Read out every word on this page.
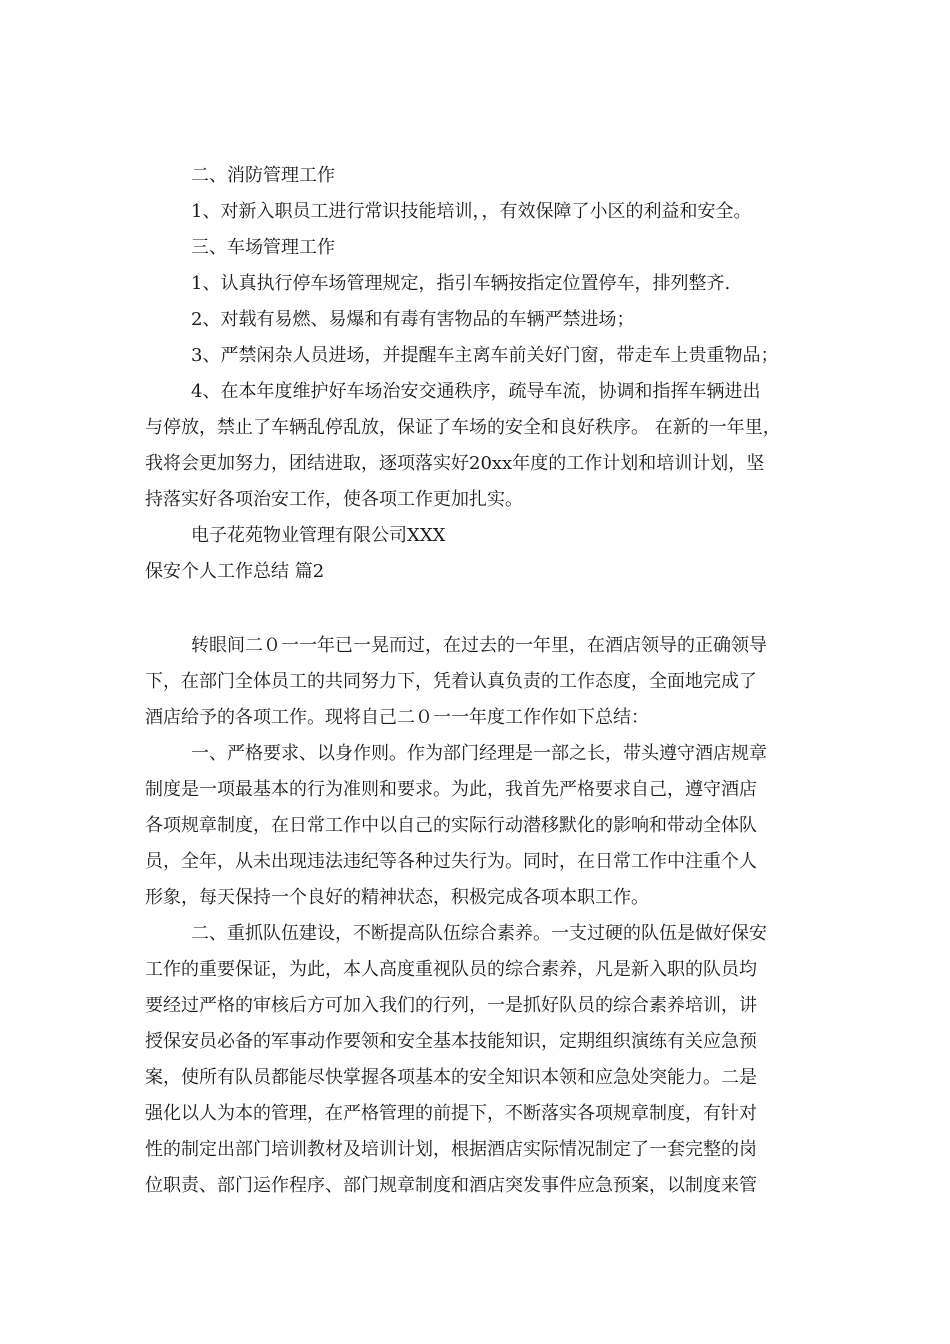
二、消防管理工作
1、对新入职员工进行常识技能培训，，有效保障了小区的利益和安全。
三、车场管理工作
1、认真执行停车场管理规定，指引车辆按指定位置停车，排列整齐.
2、对载有易燃、易爆和有毒有害物品的车辆严禁进场；
3、严禁闲杂人员进场，并提醒车主离车前关好门窗，带走车上贵重物品；
4、在本年度维护好车场治安交通秩序，疏导车流，协调和指挥车辆进出
与停放，禁止了车辆乱停乱放，保证了车场的安全和良好秩序。 在新的一年里，
我将会更加努力，团结进取，逐项落实好20xx年度的工作计划和培训计划，坚
持落实好各项治安工作，使各项工作更加扎实。
电子花苑物业管理有限公司XXX
保安个人工作总结 篇2
转眼间二０一一年已一晃而过，在过去的一年里，在酒店领导的正确领导
下，在部门全体员工的共同努力下，凭着认真负责的工作态度，全面地完成了
酒店给予的各项工作。现将自己二０一一年度工作作如下总结：
一、严格要求、以身作则。作为部门经理是一部之长，带头遵守酒店规章
制度是一项最基本的行为准则和要求。为此，我首先严格要求自己，遵守酒店
各项规章制度，在日常工作中以自己的实际行动潜移默化的影响和带动全体队
员，全年，从未出现违法违纪等各种过失行为。同时，在日常工作中注重个人
形象，每天保持一个良好的精神状态，积极完成各项本职工作。
二、重抓队伍建设，不断提高队伍综合素养。一支过硬的队伍是做好保安
工作的重要保证，为此，本人高度重视队员的综合素养，凡是新入职的队员均
要经过严格的审核后方可加入我们的行列，一是抓好队员的综合素养培训，讲
授保安员必备的军事动作要领和安全基本技能知识，定期组织演练有关应急预
案，使所有队员都能尽快掌握各项基本的安全知识本领和应急处突能力。二是
强化以人为本的管理，在严格管理的前提下，不断落实各项规章制度，有针对
性的制定出部门培训教材及培训计划，根据酒店实际情况制定了一套完整的岗
位职责、部门运作程序、部门规章制度和酒店突发事件应急预案，以制度来管
